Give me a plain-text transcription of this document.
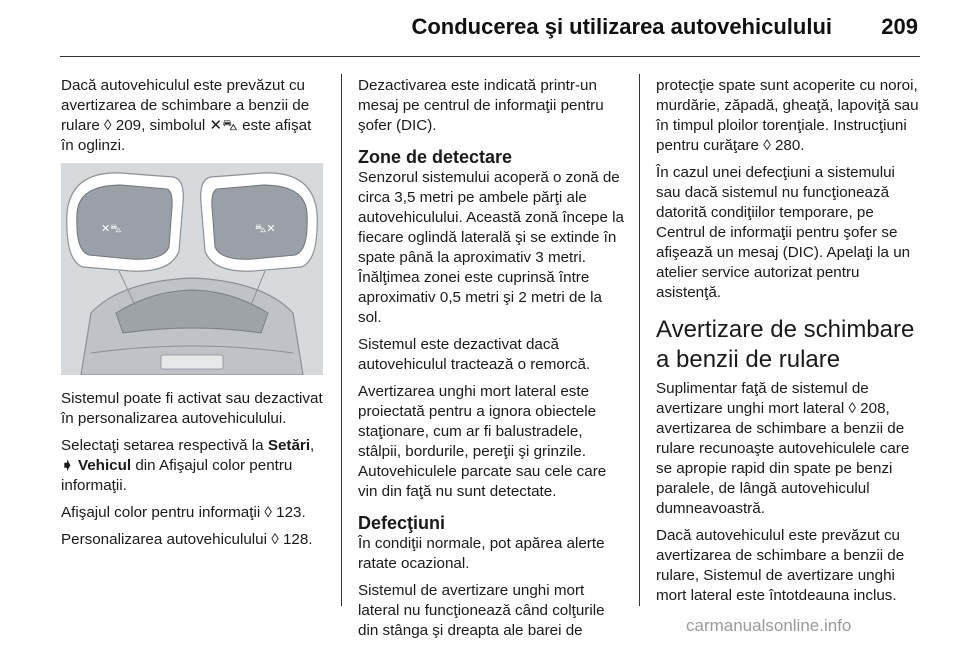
Conducerea şi utilizarea autovehiculului 209

Dacă autovehiculul este prevăzut cu avertizarea de schimbare a benzii de rulare ◊ 209, simbolul ✕⛍ este afişat în oglinzi.

✕⛍	⛍✕

Sistemul poate fi activat sau dezactivat în personalizarea autovehiculului.

Selectaţi setarea respectivă la Setări, ➧ Vehicul din Afişajul color pentru informaţii.

Afişajul color pentru informaţii ◊ 123.

Personalizarea autovehiculului ◊ 128.

Dezactivarea este indicată printr-un mesaj pe centrul de informaţii pentru şofer (DIC).

Zone de detectare

Senzorul sistemului acoperă o zonă de circa 3,5 metri pe ambele părţi ale autovehiculului. Această zonă începe la fiecare oglindă laterală şi se extinde în spate până la aproximativ 3 metri. Înălţimea zonei este cuprinsă între aproximativ 0,5 metri şi 2 metri de la sol.

Sistemul este dezactivat dacă autovehiculul tractează o remorcă.

Avertizarea unghi mort lateral este proiectată pentru a ignora obiectele staţionare, cum ar fi balustradele, stâlpii, bordurile, pereţii şi grinzile. Autovehiculele parcate sau cele care vin din faţă nu sunt detectate.

Defecţiuni

În condiţii normale, pot apărea alerte ratate ocazional.

Sistemul de avertizare unghi mort lateral nu funcţionează când colţurile din stânga şi dreapta ale barei de

protecţie spate sunt acoperite cu noroi, murdărie, zăpadă, gheaţă, lapoviţă sau în timpul ploilor torenţiale. Instrucţiuni pentru curăţare ◊ 280.

În cazul unei defecţiuni a sistemului sau dacă sistemul nu funcţionează datorită condiţiilor temporare, pe Centrul de informaţii pentru şofer se afişează un mesaj (DIC). Apelaţi la un atelier service autorizat pentru asistenţă.

Avertizare de schimbare a benzii de rulare

Suplimentar faţă de sistemul de avertizare unghi mort lateral ◊ 208, avertizarea de schimbare a benzii de rulare recunoaşte autovehiculele care se apropie rapid din spate pe benzi paralele, de lângă autovehiculul dumneavoastră.

Dacă autovehiculul este prevăzut cu avertizarea de schimbare a benzii de rulare, Sistemul de avertizare unghi mort lateral este întotdeauna inclus.

carmanualsonline.info
